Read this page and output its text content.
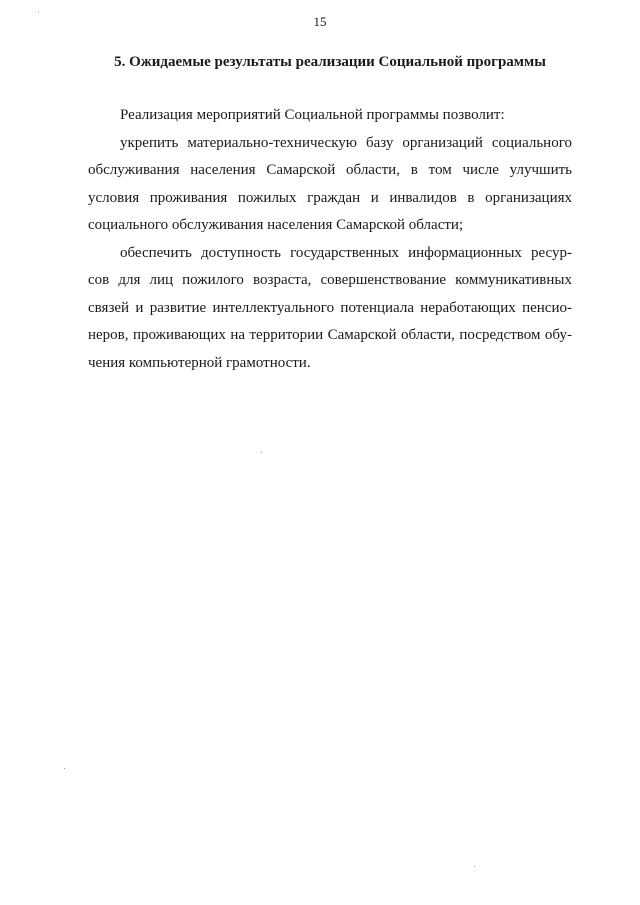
15
5. Ожидаемые результаты реализации Социальной программы

Реализация мероприятий Социальной программы позволит:

укрепить материально-техническую базу организаций социального
обслуживания населения Самарской области, в том числе улучшить
условия проживания пожилых граждан и инвалидов в организациях
социального обслуживания населения Самарской области;
обеспечить доступность государственных информационных ресур-
сов для лиц пожилого возраста, совершенствование коммуникативных
связей и развитие интеллектуального потенциала неработающих пенсио-
неров, проживающих на территории Самарской области, посредством обу-
чения компьютерной грамотности.
